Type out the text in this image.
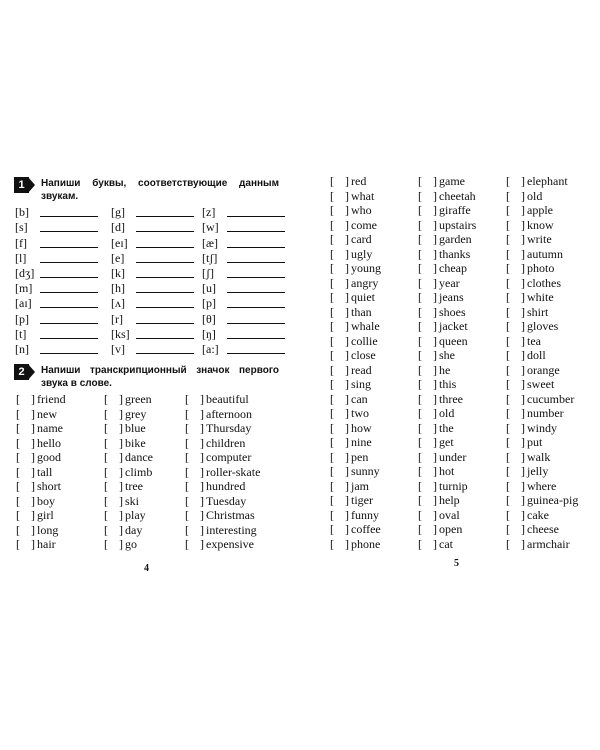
1	Напиши буквы, соответствующие данным звукам.
[b]	[g]	[z]
[s]	[d]	[w]
[f]	[eɪ]	[æ]
[l]	[e]	[tʃ]
[dʒ]	[k]	[ʃ]
[m]	[h]	[u]
[aɪ]	[ʌ]	[p]
[p]	[r]	[θ]
[t]	[ks]	[ŋ]
[n]	[v]	[a:]
2	Напиши транскрипционный значок первого звука в слове.
[ ] friend
[ ] new
[ ] name
[ ] hello
[ ] good
[ ] tall
[ ] short
[ ] boy
[ ] girl
[ ] long
[ ] hair
[ ] green
[ ] grey
[ ] blue
[ ] bike
[ ] dance
[ ] climb
[ ] tree
[ ] ski
[ ] play
[ ] day
[ ] go
[ ] beautiful
[ ] afternoon
[ ] Thursday
[ ] children
[ ] computer
[ ] roller-skate
[ ] hundred
[ ] Tuesday
[ ] Christmas
[ ] interesting
[ ] expensive
4
[ ] red
[ ] what
[ ] who
[ ] come
[ ] card
[ ] ugly
[ ] young
[ ] angry
[ ] quiet
[ ] than
[ ] whale
[ ] collie
[ ] close
[ ] read
[ ] sing
[ ] can
[ ] two
[ ] how
[ ] nine
[ ] pen
[ ] sunny
[ ] jam
[ ] tiger
[ ] funny
[ ] coffee
[ ] phone
[ ] game
[ ] cheetah
[ ] giraffe
[ ] upstairs
[ ] garden
[ ] thanks
[ ] cheap
[ ] year
[ ] jeans
[ ] shoes
[ ] jacket
[ ] queen
[ ] she
[ ] he
[ ] this
[ ] three
[ ] old
[ ] the
[ ] get
[ ] under
[ ] hot
[ ] turnip
[ ] help
[ ] oval
[ ] open
[ ] cat
[ ] elephant
[ ] old
[ ] apple
[ ] know
[ ] write
[ ] autumn
[ ] photo
[ ] clothes
[ ] white
[ ] shirt
[ ] gloves
[ ] tea
[ ] doll
[ ] orange
[ ] sweet
[ ] cucumber
[ ] number
[ ] windy
[ ] put
[ ] walk
[ ] jelly
[ ] where
[ ] guinea-pig
[ ] cake
[ ] cheese
[ ] armchair
5
